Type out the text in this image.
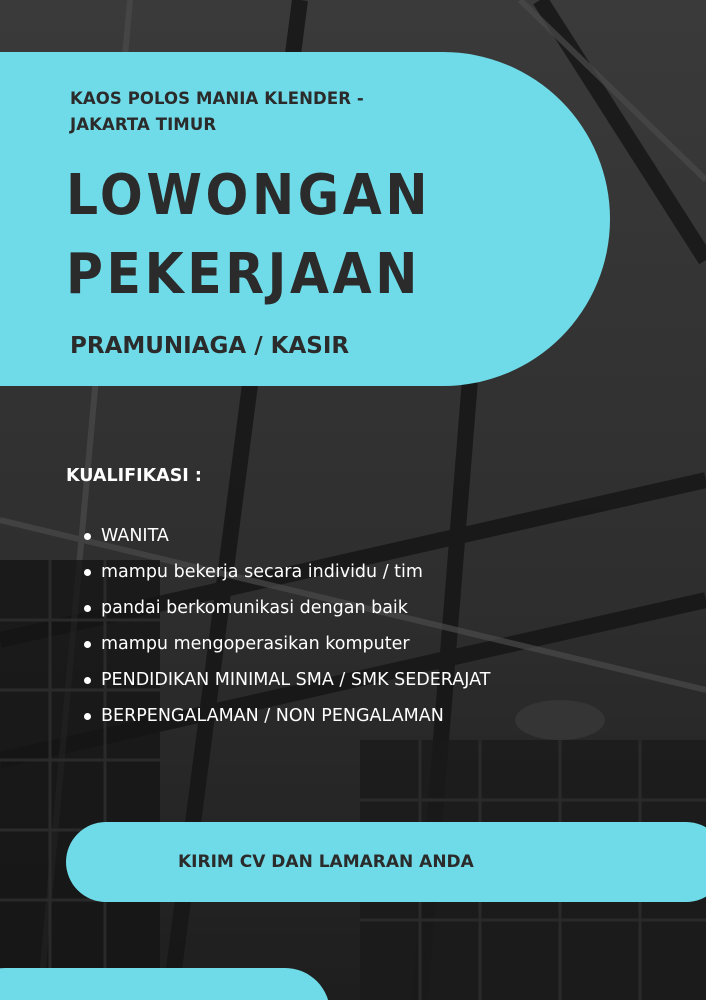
KAOS POLOS MANIA KLENDER -
JAKARTA TIMUR
LOWONGAN
PEKERJAAN
PRAMUNIAGA / KASIR
KUALIFIKASI :
WANITA
mampu bekerja secara individu / tim
pandai berkomunikasi dengan baik
mampu mengoperasikan komputer
PENDIDIKAN MINIMAL SMA / SMK SEDERAJAT
BERPENGALAMAN / NON PENGALAMAN
KIRIM CV DAN LAMARAN ANDA
